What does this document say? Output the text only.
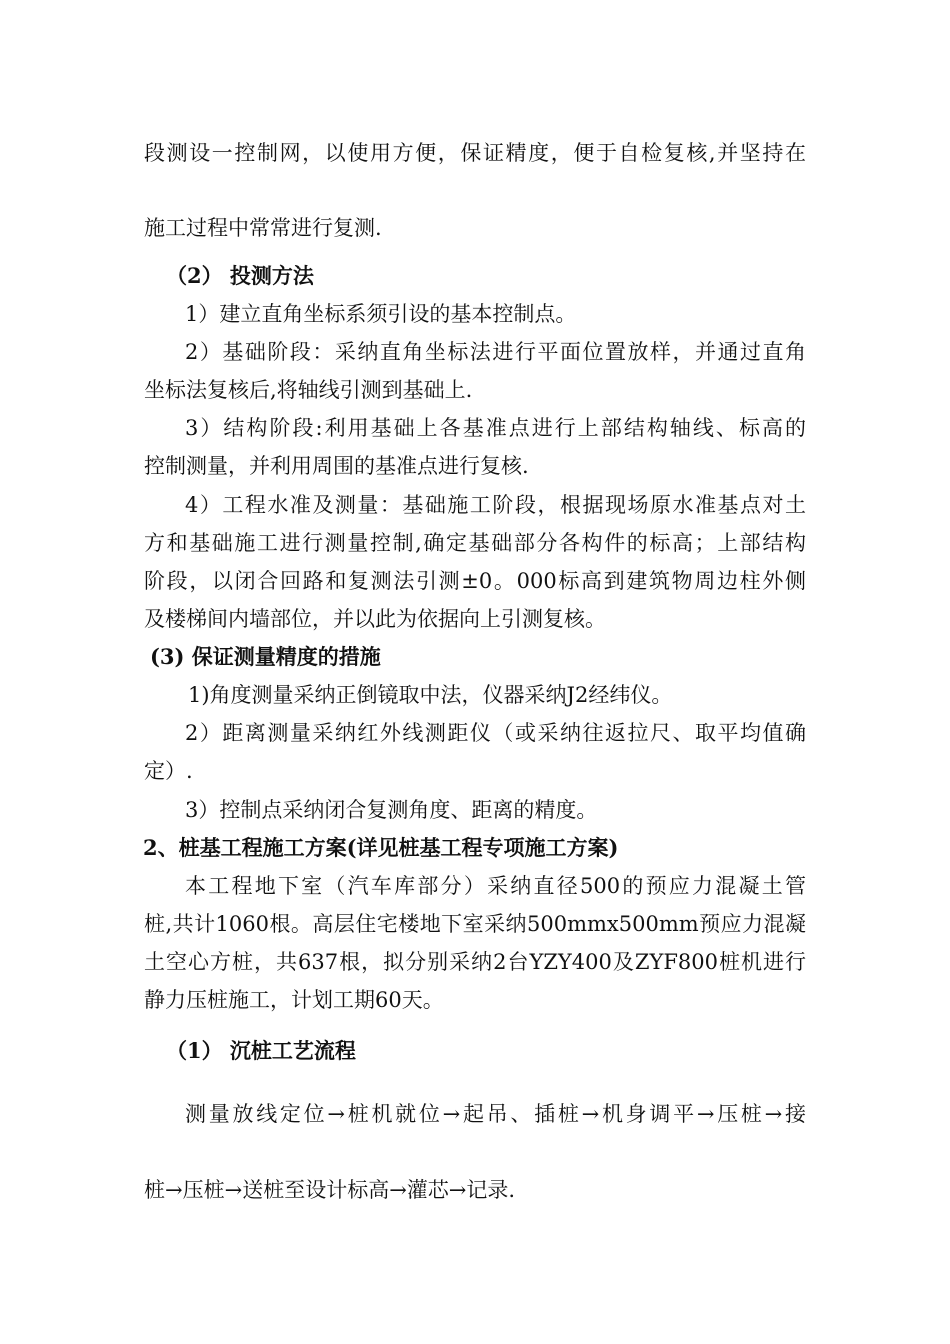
段测设一控制网，以使用方便，保证精度，便于自检复核,并坚持在
施工过程中常常进行复测.
（2） 投测方法
1）建立直角坐标系须引设的基本控制点。
2）基础阶段：采纳直角坐标法进行平面位置放样，并通过直角
坐标法复核后,将轴线引测到基础上.
3）结构阶段:利用基础上各基准点进行上部结构轴线、标高的
控制测量，并利用周围的基准点进行复核.
4）工程水准及测量：基础施工阶段，根据现场原水准基点对土
方和基础施工进行测量控制,确定基础部分各构件的标高；上部结构
阶段，以闭合回路和复测法引测±0。000标高到建筑物周边柱外侧
及楼梯间内墙部位，并以此为依据向上引测复核。
(3) 保证测量精度的措施
1)角度测量采纳正倒镜取中法，仪器采纳J2经纬仪。
2）距离测量采纳红外线测距仪（或采纳往返拉尺、取平均值确
定）.
3）控制点采纳闭合复测角度、距离的精度。
2、桩基工程施工方案(详见桩基工程专项施工方案)
本工程地下室（汽车库部分）采纳直径500的预应力混凝土管
桩,共计1060根。高层住宅楼地下室采纳500mmx500mm预应力混凝
土空心方桩，共637根，拟分别采纳2台YZY400及ZYF800桩机进行
静力压桩施工，计划工期60天。
（1） 沉桩工艺流程
测量放线定位→桩机就位→起吊、插桩→机身调平→压桩→接
桩→压桩→送桩至设计标高→灌芯→记录.
